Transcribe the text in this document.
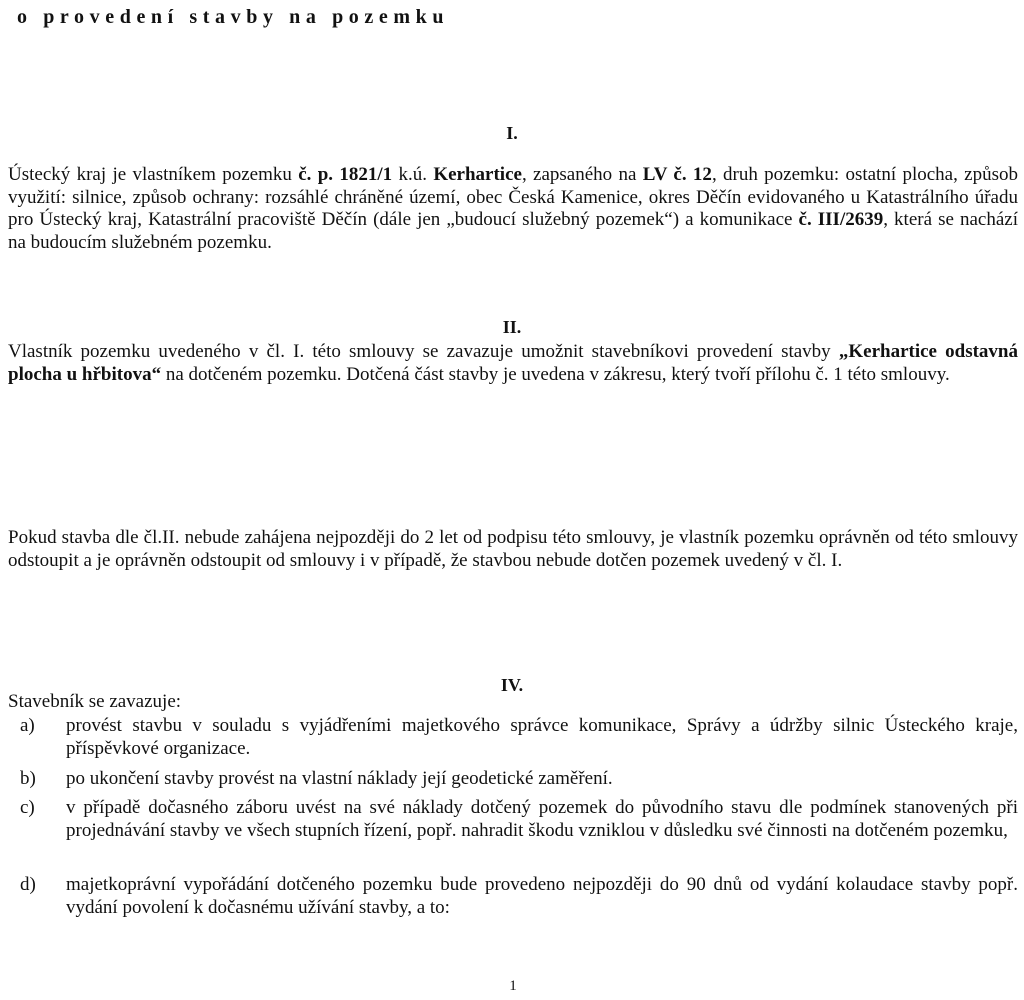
o provedení stavby na pozemku
I.
Ústecký kraj je vlastníkem pozemku č. p. 1821/1 k.ú. Kerhartice, zapsaného na LV č. 12, druh pozemku: ostatní plocha, způsob využití: silnice, způsob ochrany: rozsáhlé chráněné území, obec Česká Kamenice, okres Děčín evidovaného u Katastrálního úřadu pro Ústecký kraj, Katastrální pracoviště Děčín (dále jen „budoucí služebný pozemek“) a komunikace č. III/2639, která se nachází na budoucím služebném pozemku.
II.
Vlastník pozemku uvedeného v čl. I. této smlouvy se zavazuje umožnit stavebníkovi provedení stavby „Kerhartice odstavná plocha u hřbitova“ na dotčeném pozemku. Dotčená část stavby je uvedena v zákresu, který tvoří přílohu č. 1 této smlouvy.
Pokud stavba dle čl.II. nebude zahájena nejpozději do 2 let od podpisu této smlouvy, je vlastník pozemku oprávněn od této smlouvy odstoupit a je oprávněn odstoupit od smlouvy i v případě, že stavbou nebude dotčen pozemek uvedený v čl. I.
IV.
Stavebník se zavazuje:
a)	provést stavbu v souladu s vyjádřeními majetkového správce komunikace, Správy a údržby silnic Ústeckého kraje, příspěvkové organizace.
b)	po ukončení stavby provést na vlastní náklady její geodetické zaměření.
c)	v případě dočasného záboru uvést na své náklady dotčený pozemek do původního stavu dle podmínek stanovených při projednávání stavby ve všech stupních řízení, popř. nahradit škodu vzniklou v důsledku své činnosti na dotčeném pozemku,
d)	majetkoprávní vypořádání dotčeného pozemku bude provedeno nejpozději do 90 dnů od vydání kolaudace stavby popř. vydání povolení k dočasnému užívání stavby, a to:
1
